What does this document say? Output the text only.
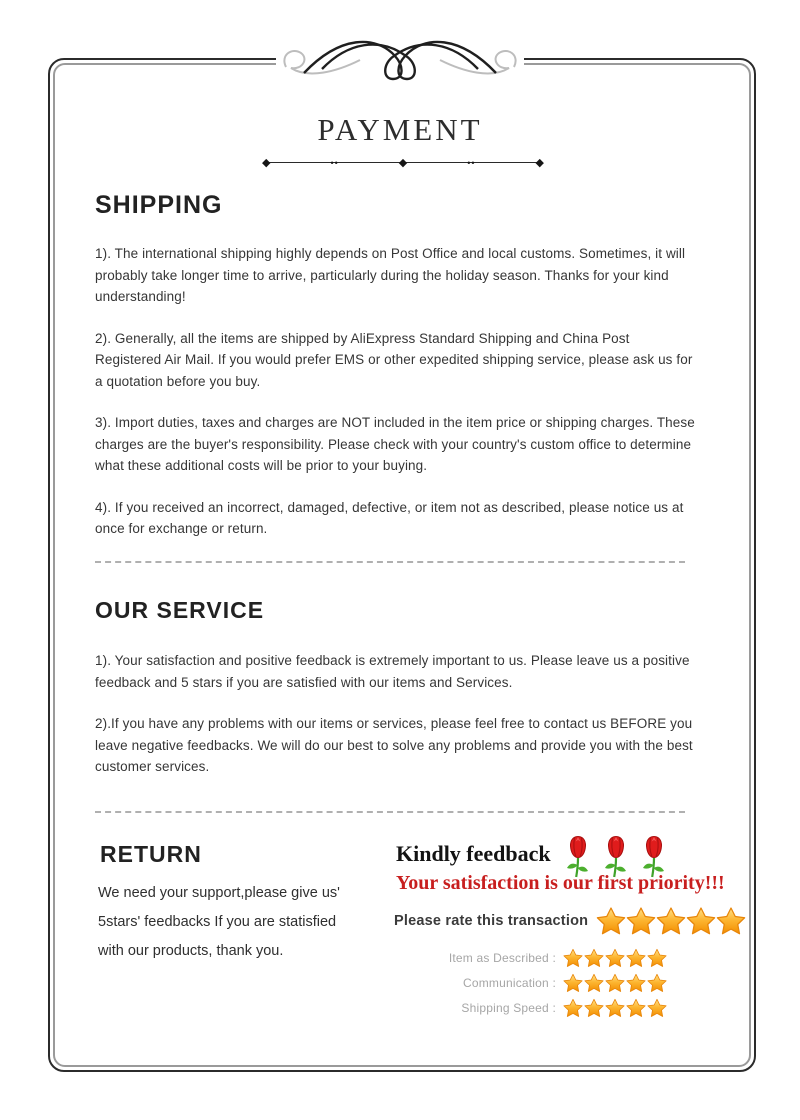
PAYMENT
◆	••	◆	••	◆
SHIPPING

1). The international shipping highly depends on Post Office and local customs. Sometimes, it will probably take longer time to arrive, particularly during the holiday season. Thanks for your kind understanding!

2). Generally, all the items are shipped by AliExpress Standard Shipping and China Post Registered Air Mail. If you would prefer EMS or other expedited shipping service, please ask us for a quotation before you buy.

3). Import duties, taxes and charges are NOT included in the item price or shipping charges. These charges are the buyer's responsibility. Please check with your country's custom office to determine what these additional costs will be prior to your buying.

4). If you received an incorrect, damaged, defective, or item not as described, please notice us at once for exchange or return.

OUR SERVICE

1). Your satisfaction and positive feedback is extremely important to us. Please leave us a positive feedback and 5 stars if you are satisfied with our items and Services.

2).If you have any problems with our items or services, please feel free to contact us BEFORE you leave negative feedbacks. We will do our best to solve any problems and provide you with the best customer services.

RETURN
We need your support,please give us' 5stars' feedbacks If you are statisfied with our products, thank you.
Kindly feedback
Your satisfaction is our first priority!!!
Please rate this transaction
Item as Described :
Communication :
Shipping Speed :
